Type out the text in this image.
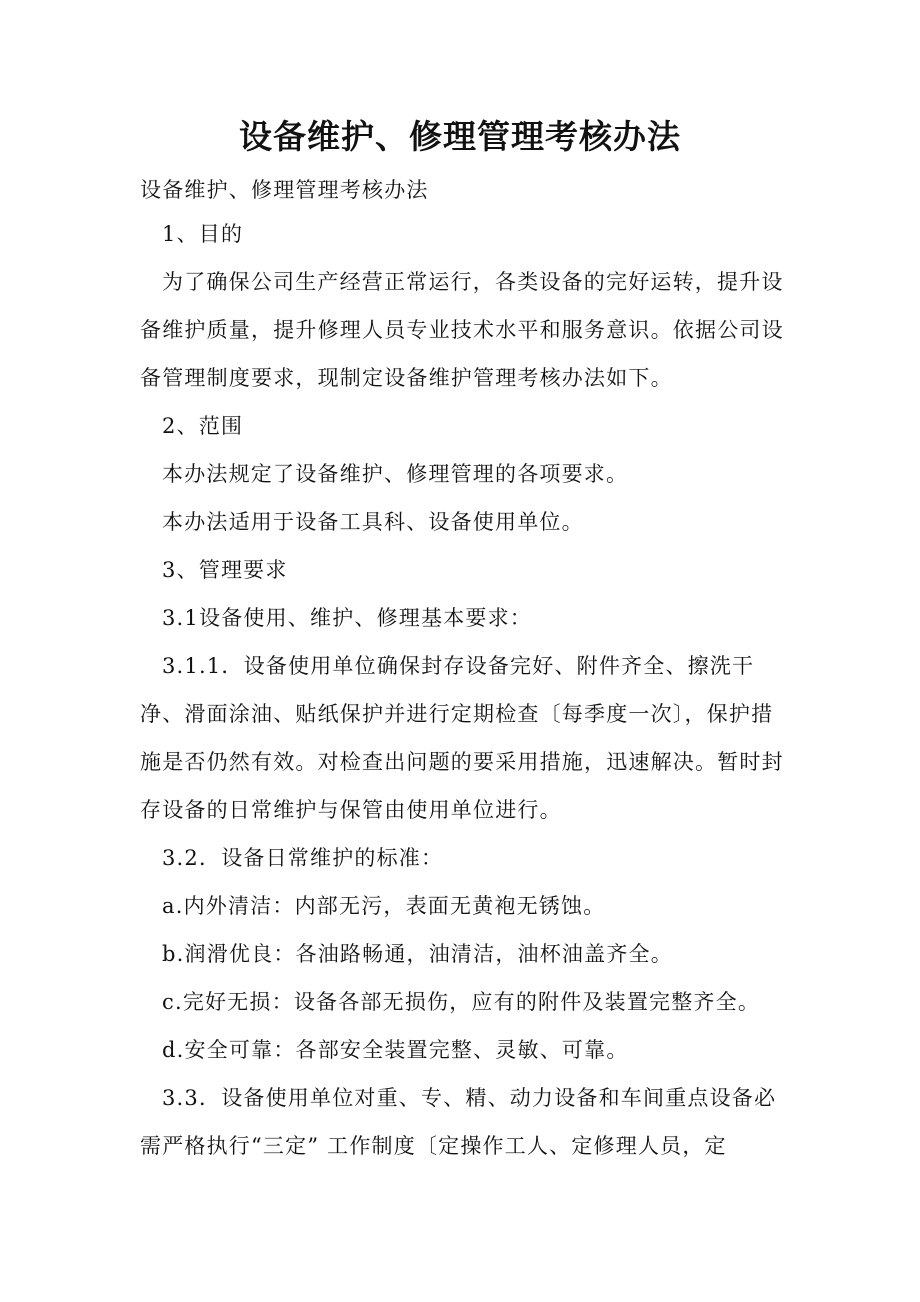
设备维护、修理管理考核办法

设备维护、修理管理考核办法

1、目的

为了确保公司生产经营正常运行，各类设备的完好运转，提升设备维护质量，提升修理人员专业技术水平和服务意识。依据公司设备管理制度要求，现制定设备维护管理考核办法如下。

2、范围

本办法规定了设备维护、修理管理的各项要求。

本办法适用于设备工具科、设备使用单位。

3、管理要求

3.1设备使用、维护、修理基本要求：

3.1.1．设备使用单位确保封存设备完好、附件齐全、擦洗干净、滑面涂油、贴纸保护并进行定期检查〔每季度一次〕，保护措施是否仍然有效。对检查出问题的要采用措施，迅速解决。暂时封存设备的日常维护与保管由使用单位进行。

3.2．设备日常维护的标准：

a.内外清洁：内部无污，表面无黄袍无锈蚀。

b.润滑优良：各油路畅通，油清洁，油杯油盖齐全。

c.完好无损：设备各部无损伤，应有的附件及装置完整齐全。

d.安全可靠：各部安全装置完整、灵敏、可靠。

3.3．设备使用单位对重、专、精、动力设备和车间重点设备必需严格执行“三定” 工作制度〔定操作工人、定修理人员，定
